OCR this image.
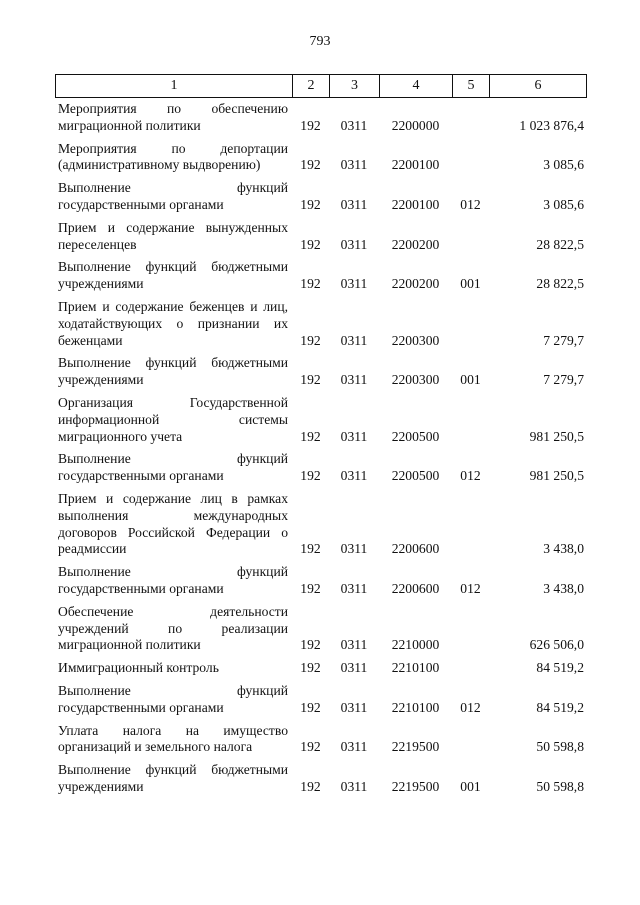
793
1	2	3	4	5	6
Мероприятия по обеспечению миграционной политики	192	0311	2200000		1 023 876,4
Мероприятия по депортации (административному выдворению)	192	0311	2200100		3 085,6
Выполнение функций государственными органами	192	0311	2200100	012	3 085,6
Прием и содержание вынужденных переселенцев	192	0311	2200200		28 822,5
Выполнение функций бюджетными учреждениями	192	0311	2200200	001	28 822,5
Прием и содержание беженцев и лиц, ходатайствующих о признании их беженцами	192	0311	2200300		7 279,7
Выполнение функций бюджетными учреждениями	192	0311	2200300	001	7 279,7
Организация Государственной информационной системы миграционного учета	192	0311	2200500		981 250,5
Выполнение функций государственными органами	192	0311	2200500	012	981 250,5
Прием и содержание лиц в рамках выполнения международных договоров Российской Федерации о реадмиссии	192	0311	2200600		3 438,0
Выполнение функций государственными органами	192	0311	2200600	012	3 438,0
Обеспечение деятельности учреждений по реализации миграционной политики	192	0311	2210000		626 506,0
Иммиграционный контроль	192	0311	2210100		84 519,2
Выполнение функций государственными органами	192	0311	2210100	012	84 519,2
Уплата налога на имущество организаций и земельного налога	192	0311	2219500		50 598,8
Выполнение функций бюджетными учреждениями	192	0311	2219500	001	50 598,8
